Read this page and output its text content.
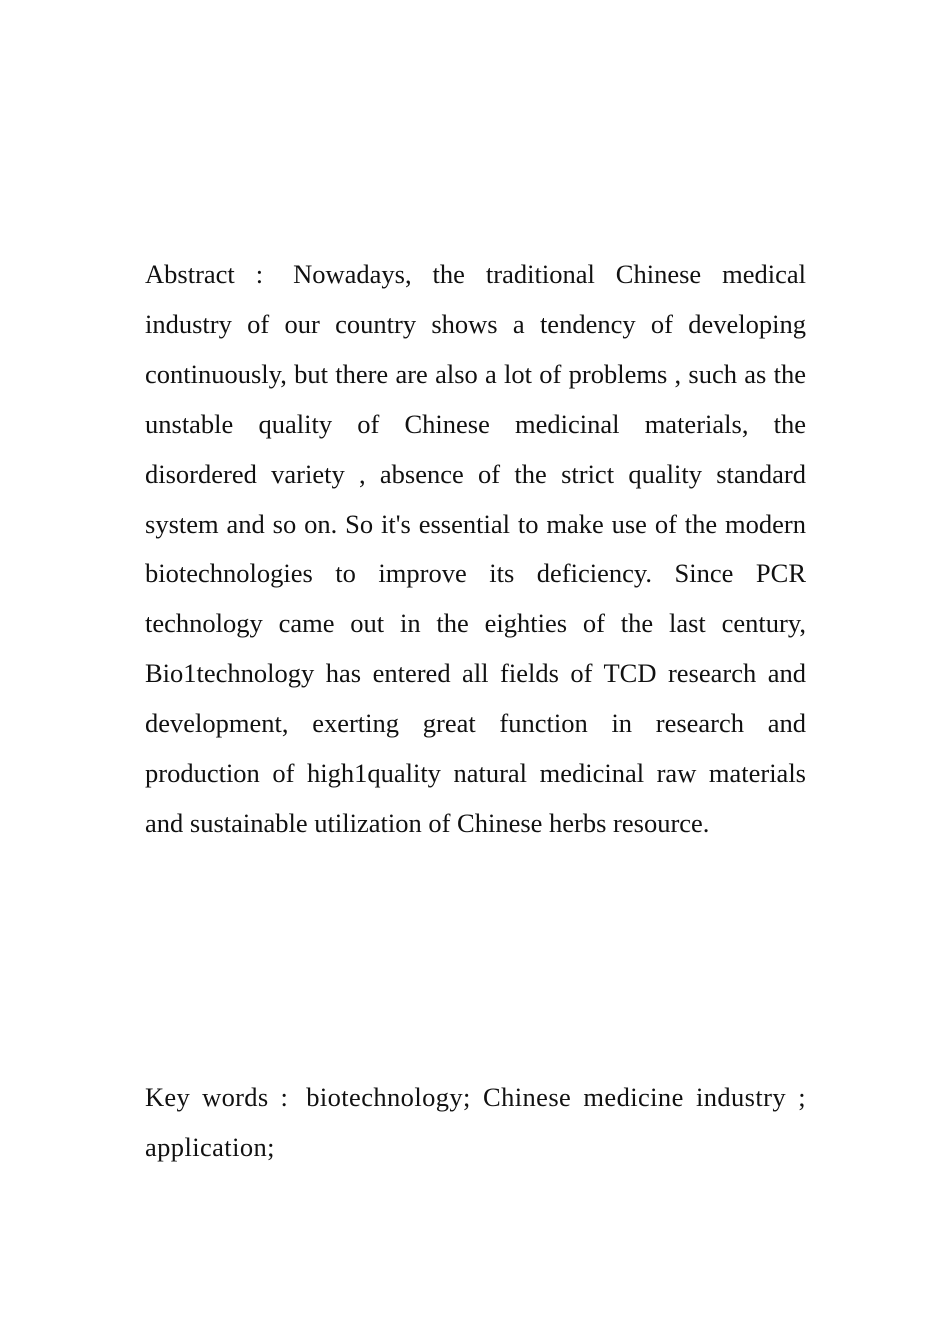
Abstract : Nowadays, the traditional Chinese medical industry of our country shows a tendency of developing continuously, but there are also a lot of problems , such as the unstable quality of Chinese medicinal materials, the disordered variety , absence of the strict quality standard system and so on. So it's essential to make use of the modern biotechnologies to improve its deficiency. Since PCR technology came out in the eighties of the last century, Bio1technology has entered all fields of TCD research and development, exerting great function in research and production of high1quality natural medicinal raw materials and sustainable utilization of Chinese herbs resource.

Key words : biotechnology; Chinese medicine industry ; application;
